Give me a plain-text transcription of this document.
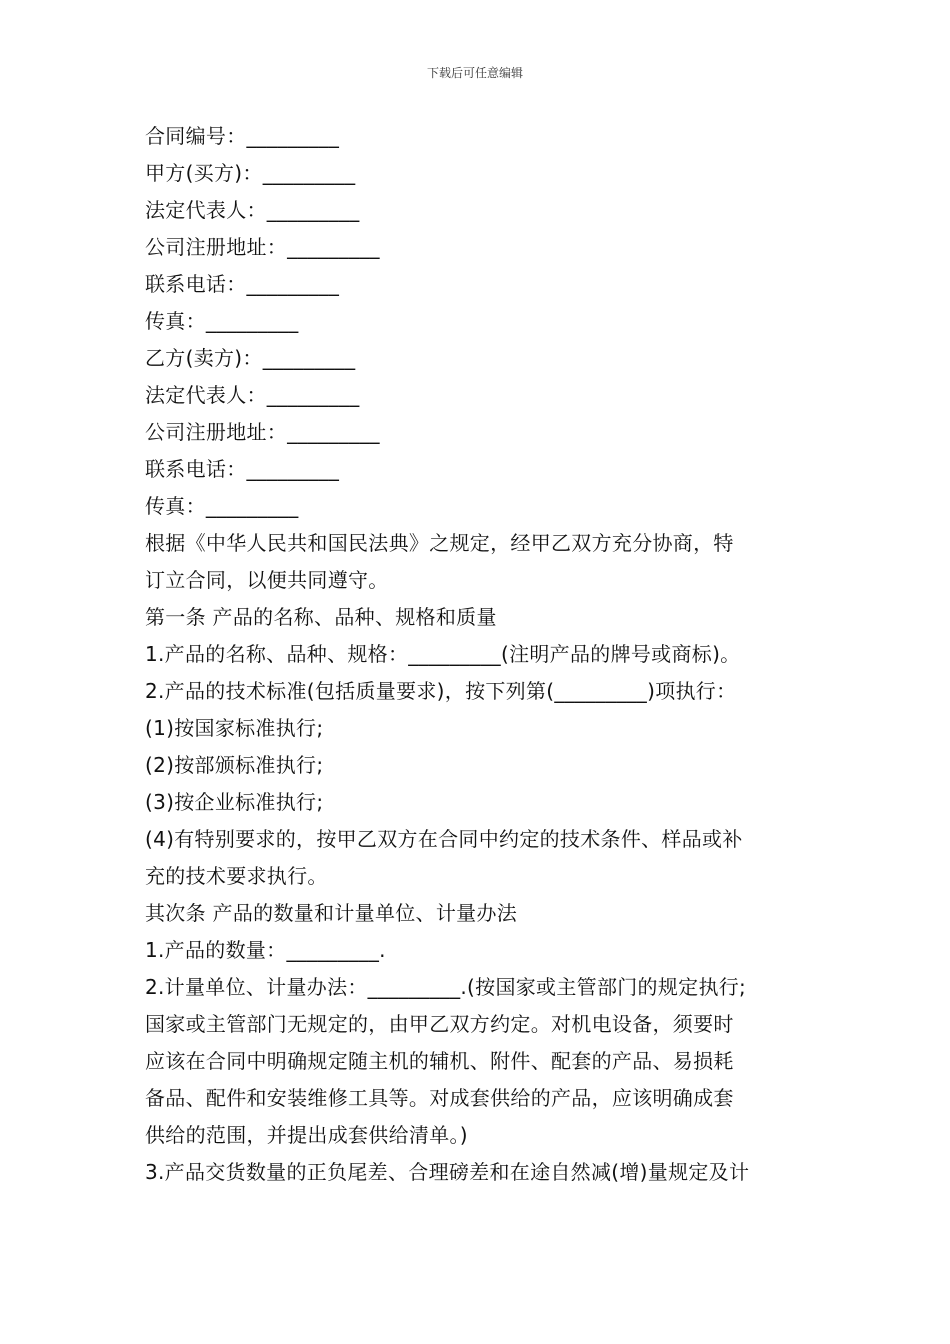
下载后可任意编辑
合同编号：_________
甲方(买方)：_________
法定代表人：_________
公司注册地址：_________
联系电话：_________
传真：_________
乙方(卖方)：_________
法定代表人：_________
公司注册地址：_________
联系电话：_________
传真：_________
根据《中华人民共和国民法典》之规定，经甲乙双方充分协商，特
订立合同，以便共同遵守。
第一条 产品的名称、品种、规格和质量
1.产品的名称、品种、规格：_________(注明产品的牌号或商标)。
2.产品的技术标准(包括质量要求)，按下列第(_________)项执行：
(1)按国家标准执行;
(2)按部颁标准执行;
(3)按企业标准执行;
(4)有特别要求的，按甲乙双方在合同中约定的技术条件、样品或补
充的技术要求执行。
其次条 产品的数量和计量单位、计量办法
1.产品的数量：_________.
2.计量单位、计量办法：_________.(按国家或主管部门的规定执行;
国家或主管部门无规定的，由甲乙双方约定。对机电设备，须要时
应该在合同中明确规定随主机的辅机、附件、配套的产品、易损耗
备品、配件和安装维修工具等。对成套供给的产品，应该明确成套
供给的范围，并提出成套供给清单。)
3.产品交货数量的正负尾差、合理磅差和在途自然减(增)量规定及计
